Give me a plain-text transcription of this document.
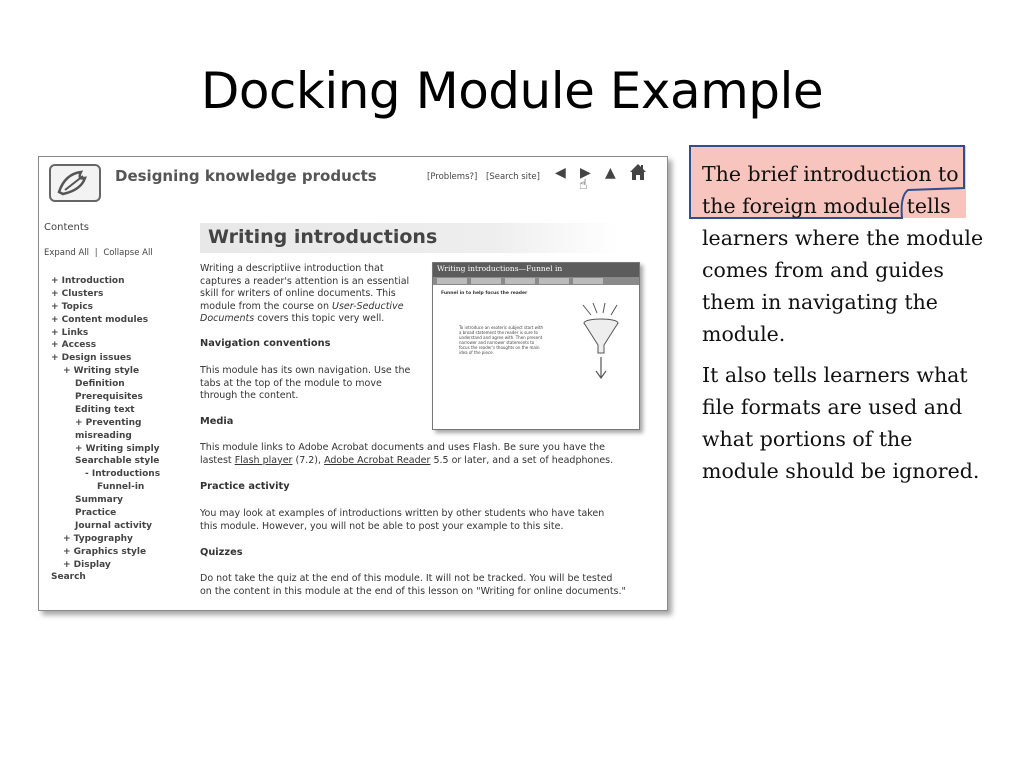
Docking Module Example
Designing knowledge products	[Problems?] [Search site] ◀ ▶
☝
▲
Contents
Expand All | Collapse All
+ Introduction
+ Clusters
+ Topics
+ Content modules
+ Links
+ Access
+ Design issues
+ Writing style
Definition
Prerequisites
Editing text
+ Preventing
misreading
+ Writing simply
Searchable style
- Introductions
Funnel-in
Summary
Practice
Journal activity
+ Typography
+ Graphics style
+ Display
Search
Writing introductions
Writing a descriptiive introduction that
captures a reader's attention is an essential
skill for writers of online documents. This
module from the course on User-Seductive
Documents covers this topic very well.
Navigation conventions
This module has its own navigation. Use the
tabs at the top of the module to move
through the content.
Media
This module links to Adobe Acrobat documents and uses Flash. Be sure you have the
lastest Flash player (7.2), Adobe Acrobat Reader 5.5 or later, and a set of headphones.
Practice activity
You may look at examples of introductions written by other students who have taken
this module. However, you will not be able to post your example to this site.
Quizzes
Do not take the quiz at the end of this module. It will not be tracked. You will be tested
on the content in this module at the end of this lesson on "Writing for online documents."
Writing introductions—Funnel in
Funnel in to help focus the reader
To introduce an esoteric subject start with a broad statement the reader is sure to understand and agree with. Then present narrower and narrower statements to focus the reader's thoughts on the main idea of the piece.

The brief introduction to
the foreign module tells
learners where the module comes from and guides them in navigating the module.

It also tells learners what file formats are used and what portions of the module should be ignored.
